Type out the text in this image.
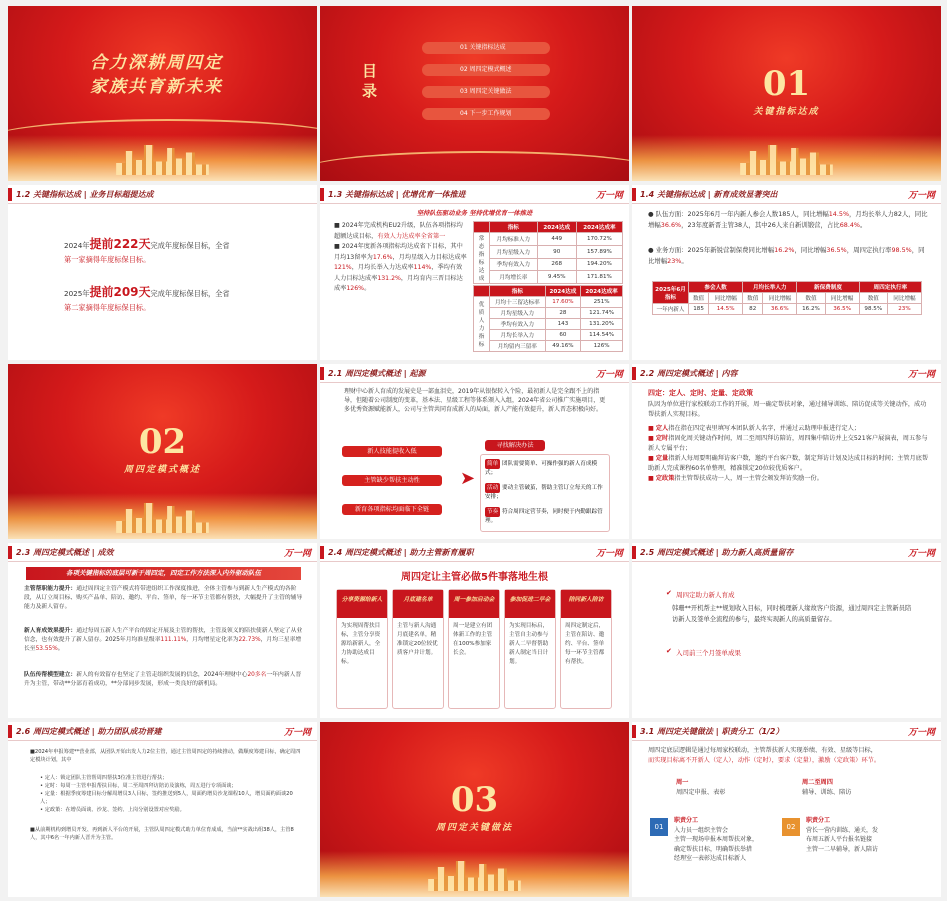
合力深耕周四定
家族共育新未来
目 录
01 关键指标达成
02 周四定模式概述
03 周四定关键做法
04 下一步工作规划
01
关键指标达成
1.2 关键指标达成 | 业务目标超提达成
2024年提前222天完成年度标保目标，全省
第一家摘得年度标保目标。
2025年提前209天完成年度标保目标，全省
第二家摘得年度标保目标。
1.3 关键指标达成 | 优增优育一体推进	万一网
坚持队伍驱动业务 坚持优增优育一体推进
■ 2024年完成机构EU2升级，队伍各项指标均超额达成目标，有效人力达成率全省第一
■ 2024年度新各项指标均达成省下目标，其中月均13留率为17.6%，月均星级入力目标达成率121%，月均长举入力达成率114%，季均有效人力目标达成率131.2%，月均育内三晋目标达成率126%。
	指标	2024达成	2024达成率
常态指标达成	月均标准人力	449	170.72%
	月均星级入力	90	157.89%
	季均有效入力	268	194.20%
	月均增长率	9.45%	171.81%
	指标	2024达成	2024达成率
优质人力指标	月均十三留达标率	17.60%	251%
	月均星级入力	28	121.74%
	季均有效入力	143	131.20%
	月均长举入力	60	114.54%
	月均留内三留率	49.16%	126%
1.4 关键指标达成 | 新育成效显著突出	万一网
● 队伍方面：2025年6月一年内新人参会人数185人，同比增幅14.5%，月均长举人力82人，同比增幅36.6%，23年度新晋主管38人，其中26人来自新训锻营，占比68.4%。
● 业务方面：2025年新锐营制保费同比增幅16.2%，同比增幅36.5%，周四定执行率98.5%，同比增幅23%。
2025年6月指标	参会人数		月均长举人力		新保费制度		周四定执行率	
	数值	同比增幅	数值	同比增幅	数值	同比增幅	数值	同比增幅
一年内新人	185	14.5%	82	36.6%	16.2%	36.5%	98.5%	23%
02
周四定模式概述
2.1 周四定模式概述 | 起源	万一网
理财中心新人育成的发展史是一部血泪史，2019年从银保转入个险，最初新人是完全跟不上的指导，但随着公司制度的变革，基本法、星级工程等体系颁入入组，2024年省公司推广实施项目，更多优秀资源赋能新人，公司与主管共同育成新人的局面，新人产能有效提升，新人晋态积极向好。
新人技能提收入低
主管缺少帮扶主动性
新育各项指标均面临下全链
➤
寻找解决办法
简单 团队需要简单、可操作强的新人育成模式；
活动 要动主管破茧，帮助主管订立每天的工作安排；
节奏 符合周四定营节奏，同时便于内勤跟踪管理。
2.2 周四定模式概述 | 内容	万一网
四定：定人、定时、定量、定政策
队因为单位进行家校联动工作的开展，周一确定帮扶对象，通过辅导训练、陪访促成等关键动作，成功帮扶新人实现目标。
■ 定人指在指在四定表里填写本团队新人名字，并通过云助理申报进行定人；
■ 定时指固化周关键动作时间，周二至周四拜访陪访，周四集中陪访并上交521客户展演表，周五参与新人专属平台；
■ 定量指新人每周要明确拜访客户数，邀约平台客户数，制定拜访计划及达成目标的时间；主管月底帮助新人完成课程60名单整理，精准锁定20位较优质客户。
■ 定政策指主管帮扶成功一人，周一主管会颁发拜访奖励一份。
2.3 周四定模式概述 | 成效	万一网
各项关键指标的底层可新于周四定，四定工作方法深入内外驱动队伍
主管帮职能力提升：通过周四定主管产模式将带进组织工作深度推进，全体主管参与到新人生产模式的各阶段，从订立周目标、购买产品单、陪访、邀约、平台、签单，每一环节主管都有帮扶，大幅提升了主管的辅导能力及新人留存。
新人育成效果提升：通过每周五新人生产平台的固定开展及主管的帮扶，主管及领义的陪扶使新人坚定了从业信念，也有效提升了新人留存。2025年月均准星级率111.11%，月均增星定化率为22.73%，月均三星率增长至53.55%。
队伍传帮模型建立：新人的有效留存也坚定了主管走组织发展的信念，2024年理财中心20多名一年内新人晋升为主管，带动**分部育着成功，**分部同步发展，形成一类良好的新机局。
2.4 周四定模式概述 | 助力主管新育履职	万一网
周四定让主管必做5件事落地生根
分享资源给新人
为实现周帮扶目标，主管分享资源给新新人，全力协助达成目标。
月底建名单
主管与新人沟通月底建名单，精准锁定20位较优质客户并计划。
周一参加启动会
周一是建立有团体新工作的主管在100%参加家长会。
参加促进二早会
为实现目标启，主管自主动参与新人二早督帮助新人制定当日计划。
陪同新人陪访
周四定制定后，主管在陪访、邀约、平台、签单每一环节主管都有帮扶。
2.5 周四定模式概述 | 助力新人高质量留存	万一网
✔ 周四定助力新人育成
韩珊**开机帮主**规划收入目标，同时梳理新人缘故客户资源，通过周四定主管新员陪访新人及签单全流程的参与，最终实现新人的高质量留存。
✔ 入司前三个月签单成果
2.6 周四定模式概述 | 助力团队成功晋建	万一网
■2024年申报筹建**营业部，从团队开始出发人力2位主管，通过主管周四定的持续推动，做顺度筹建目标，确定周四定模块计划，其中
• 定人：锁定团队主管帮周四帮扶3位准主管进行帮扶；
• 定时：每周一主管申报帮扶目标，周二至周四拜访陪访及演练，周五进行专项面谈；
• 定量：根据季度筹建目标分解周增员3人目标，签约推送到5人，周面约增员沙龙课程10人，增员面约面谈20人；
• 定政策：在增员面谈、沙龙、签约、上岗分别设置对应奖励。
■从前期机构到增员开发、再到新人平台的开展，主管队周四定模式助力单位育成成，当前**实战出组38人，主管8人，其中6名一年内新人晋升为主管。
03
周四定关键做法
3.1 周四定关键做法 | 职责分工（1/2）	万一网
周四定底层逻辑是通过每周家校联动，主管帮扶新人实现举绩、有效、星级等目标，
而实现目标离不开新人（定人），动作（定时），要求（定量），激励（定政策）环节。
周一
周四定申报、表彰
周二至周四
辅导、训练、陪访
01
职责分工
入力员一组织主管会
主管一现场申报本周帮扶对象，
确定帮扶目标，明确帮扶举措
经理室一表彰达成目标新人
02
职责分工
营长一营内训练、通关，发
布周五新人平台报名链接
主管一二早辅导，新人陪访
